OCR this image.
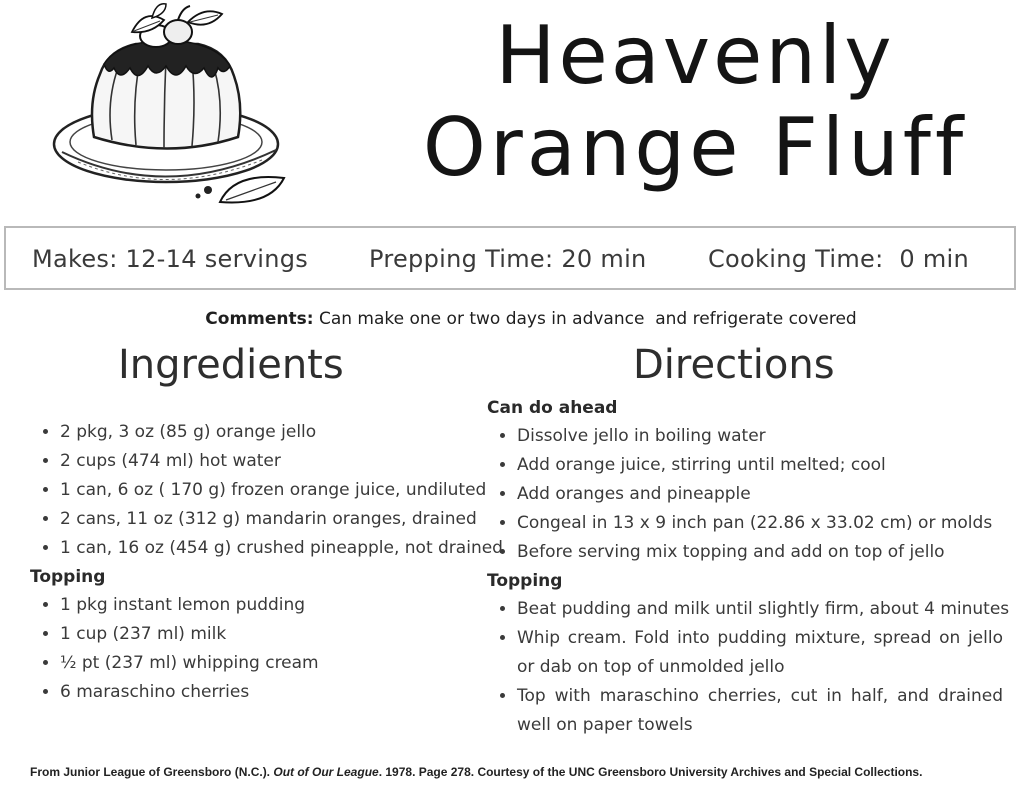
Heavenly
Orange Fluff
Makes: 12-14 servings	Prepping Time: 20 min	Cooking Time:  0 min
Comments: Can make one or two days in advance  and refrigerate covered
Ingredients	Directions
• 2 pkg, 3 oz (85 g) orange jello
• 2 cups (474 ml) hot water
• 1 can, 6 oz ( 170 g) frozen orange juice, undiluted
• 2 cans, 11 oz (312 g) mandarin oranges, drained
• 1 can, 16 oz (454 g) crushed pineapple, not drained
Topping
• 1 pkg instant lemon pudding
• 1 cup (237 ml) milk
• ½ pt (237 ml) whipping cream
• 6 maraschino cherries
Can do ahead
• Dissolve jello in boiling water
• Add orange juice, stirring until melted; cool
• Add oranges and pineapple
• Congeal in 13 x 9 inch pan (22.86 x 33.02 cm) or molds
• Before serving mix topping and add on top of jello
Topping
• Beat pudding and milk until slightly firm, about 4 minutes
• Whip cream. Fold into pudding mixture, spread on jello or dab on top of unmolded jello
• Top with maraschino cherries, cut in half, and drained well on paper towels
From Junior League of Greensboro (N.C.). Out of Our League. 1978. Page 278. Courtesy of the UNC Greensboro University Archives and Special Collections.
